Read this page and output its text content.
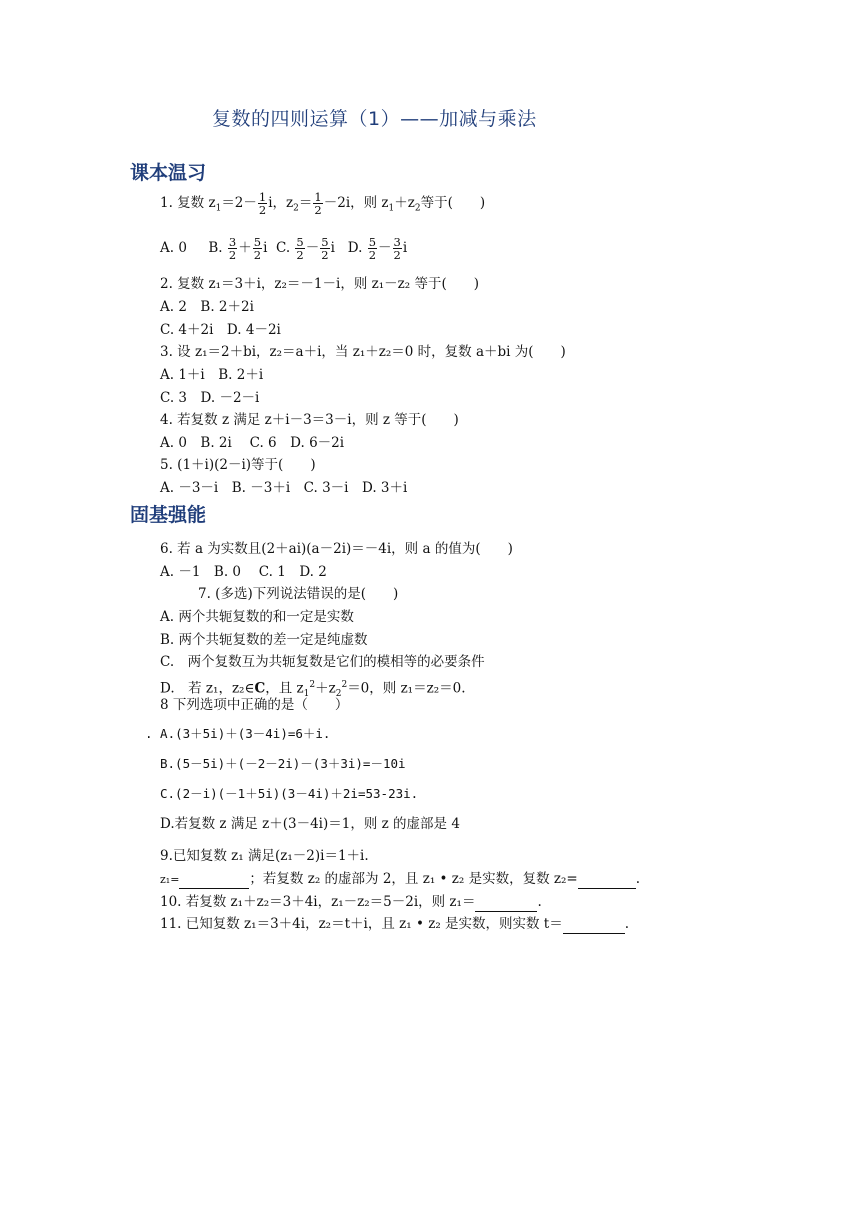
复数的四则运算（1）——加减与乘法
课本温习
1. 复数 $z_1=2- \frac{1}{2}$ i，$z_2= \frac{1}{2} -2i$，则 $z_1+z_2$等于(　　)
A. 0 B. $\frac{3}{2} + \frac{5}{2}$ i C. $\frac{5}{2} - \frac{5}{2}$ i D. $\frac{5}{2} - \frac{3}{2}$ i
2. 复数 z₁＝3＋i，z₂＝－1－i，则 z₁－z₂ 等于(　　)
A. 2　B. 2＋2i
C. 4＋2i　D. 4－2i
3. 设 z₁＝2＋bi，z₂＝a＋i，当 z₁＋z₂＝0 时，复数 a＋bi 为(　　)
A. 1＋i　B. 2＋i
C. 3　D. －2－i
4. 若复数 z 满足 z＋i－3＝3－i，则 z 等于(　　)
A. 0　B. 2i　 C. 6　D. 6－2i
5. (1＋i)(2－i)等于(　　)
A. －3－i　B. －3＋i　C. 3－i　D. 3＋i
固基强能
6. 若 a 为实数且(2＋ai)(a－2i)＝－4i，则 a 的值为(　　)
A. －1　B. 0　 C. 1　D. 2
7. (多选)下列说法错误的是(　　)
A. 两个共轭复数的和一定是实数
B. 两个共轭复数的差一定是纯虚数
C.　两个复数互为共轭复数是它们的模相等的必要条件
D.　若 z₁，z₂∈C，且 $z_1^2+z_2^2=0$，则 z₁＝z₂＝0.
8 下列选项中正确的是（　　）
. A.(3＋5i)＋(3－4i)=6＋i.
B.(5－5i)＋(－2－2i)－(3＋3i)=－10i
C.(2－i)(－1＋5i)(3－4i)＋2i=53-23i.
D.若复数 z 满足 z＋(3－4i)＝1，则 z 的虚部是 4
9.已知复数 z₁ 满足(z₁－2)i＝1＋i.
z₁=	；若复数 z₂ 的虚部为 2，且 z₁ • z₂ 是实数，复数 z₂=	.
10. 若复数 z₁＋z₂＝3＋4i，z₁－z₂＝5－2i，则 z₁＝	.
11. 已知复数 z₁＝3＋4i，z₂＝t＋i，且 z₁ • z₂ 是实数，则实数 t＝	.
